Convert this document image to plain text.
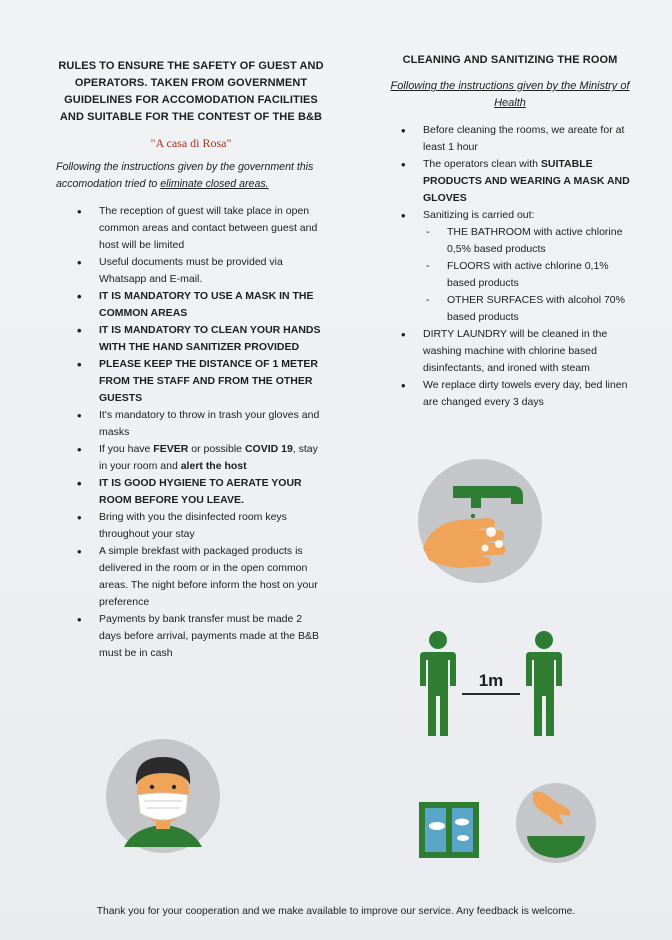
RULES TO ENSURE THE SAFETY OF GUEST AND OPERATORS. TAKEN FROM GOVERNMENT GUIDELINES FOR ACCOMODATION FACILITIES AND SUITABLE FOR THE CONTEST OF THE B&B
"A casa di Rosa"
Following the instructions given by the government this accomodation tried to eliminate closed areas.
• The reception of guest will take place in open common areas and contact between guest and host will be limited
• Useful documents must be provided via Whatsapp and E-mail.
• IT IS MANDATORY TO USE A MASK IN THE COMMON AREAS
• IT IS MANDATORY TO CLEAN YOUR HANDS WITH THE HAND SANITIZER PROVIDED
• PLEASE KEEP THE DISTANCE OF 1 METER FROM THE STAFF AND FROM THE OTHER GUESTS
• It's mandatory to throw in trash your gloves and masks
• If you have FEVER or possible COVID 19, stay in your room and alert the host
• IT IS GOOD HYGIENE TO AERATE YOUR ROOM BEFORE YOU LEAVE.
• Bring with you the disinfected room keys throughout your stay
• A simple brekfast with packaged products is delivered in the room or in the open common areas. The night before inform the host on your preference
• Payments by bank transfer must be made 2 days before arrival, payments made at the B&B must be in cash
CLEANING AND SANITIZING THE ROOM
Following the instructions given by the Ministry of Health
• Before cleaning the rooms, we areate for at least 1 hour
• The operators clean with SUITABLE PRODUCTS AND WEARING A MASK AND GLOVES
• Sanitizing is carried out:
- THE BATHROOM with active chlorine 0,5% based products
- FLOORS with active chlorine 0,1% based products
- OTHER SURFACES with alcohol 70% based products
• DIRTY LAUNDRY will be cleaned in the washing machine with chlorine based disinfectants, and ironed with steam
• We replace dirty towels every day, bed linen are changed every 3 days
1m
Thank you for your cooperation and we make available to improve our service. Any feedback is welcome.
